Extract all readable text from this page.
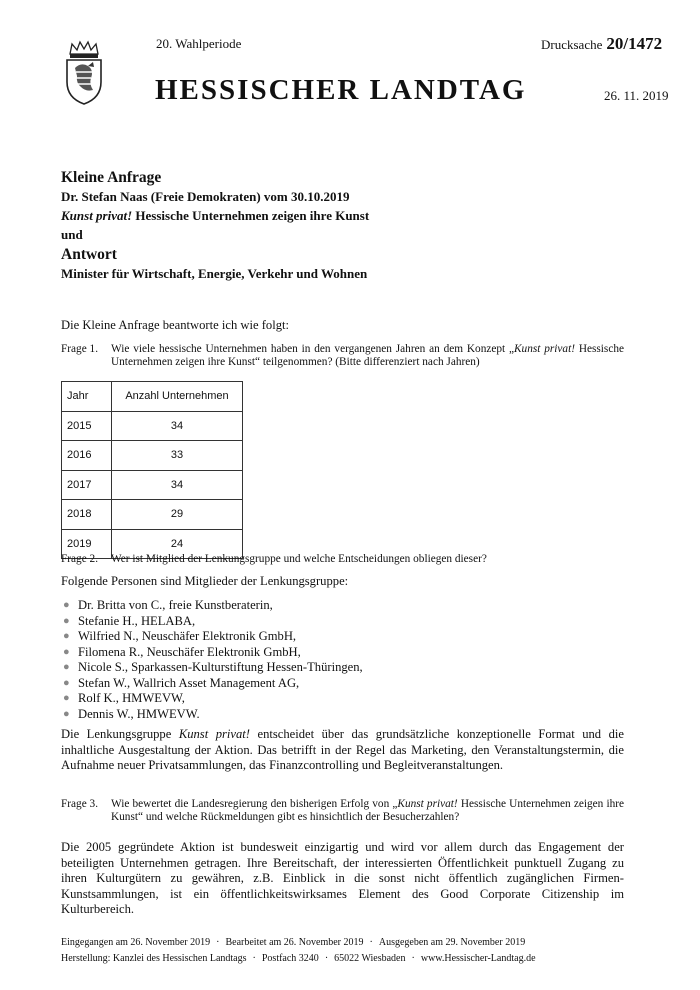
20. Wahlperiode	Drucksache 20/1472
HESSISCHER LANDTAG	26. 11. 2019
Kleine Anfrage
Dr. Stefan Naas (Freie Demokraten) vom 30.10.2019
Kunst privat! Hessische Unternehmen zeigen ihre Kunst
und
Antwort
Minister für Wirtschaft, Energie, Verkehr und Wohnen
Die Kleine Anfrage beantworte ich wie folgt:
Frage 1.	Wie viele hessische Unternehmen haben in den vergangenen Jahren an dem Konzept „Kunst privat! Hessische Unternehmen zeigen ihre Kunst“ teilgenommen? (Bitte differenziert nach Jahren)
Jahr	Anzahl Unternehmen
2015	34
2016	33
2017	34
2018	29
2019	24
Frage 2.	Wer ist Mitglied der Lenkungsgruppe und welche Entscheidungen obliegen dieser?
Folgende Personen sind Mitglieder der Lenkungsgruppe:
● Dr. Britta von C., freie Kunstberaterin,
● Stefanie H., HELABA,
● Wilfried N., Neuschäfer Elektronik GmbH,
● Filomena R., Neuschäfer Elektronik GmbH,
● Nicole S., Sparkassen-Kulturstiftung Hessen-Thüringen,
● Stefan W., Wallrich Asset Management AG,
● Rolf K., HMWEVW,
● Dennis W., HMWEVW.
Die Lenkungsgruppe Kunst privat! entscheidet über das grundsätzliche konzeptionelle Format und die inhaltliche Ausgestaltung der Aktion. Das betrifft in der Regel das Marketing, den Veranstaltungstermin, die Aufnahme neuer Privatsammlungen, das Finanzcontrolling und Begleitveranstaltungen.
Frage 3.	Wie bewertet die Landesregierung den bisherigen Erfolg von „Kunst privat! Hessische Unternehmen zeigen ihre Kunst“ und welche Rückmeldungen gibt es hinsichtlich der Besucherzahlen?
Die 2005 gegründete Aktion ist bundesweit einzigartig und wird vor allem durch das Engagement der beteiligten Unternehmen getragen. Ihre Bereitschaft, der interessierten Öffentlichkeit punktuell Zugang zu ihren Kulturgütern zu gewähren, z.B. Einblick in die sonst nicht öffentlich zugänglichen Firmen-Kunstsammlungen, ist ein öffentlichkeitswirksames Element des Good Corporate Citizenship im Kulturbereich.
Eingegangen am 26. November 2019 · Bearbeitet am 26. November 2019 · Ausgegeben am 29. November 2019
Herstellung: Kanzlei des Hessischen Landtags · Postfach 3240 · 65022 Wiesbaden · www.Hessischer-Landtag.de
